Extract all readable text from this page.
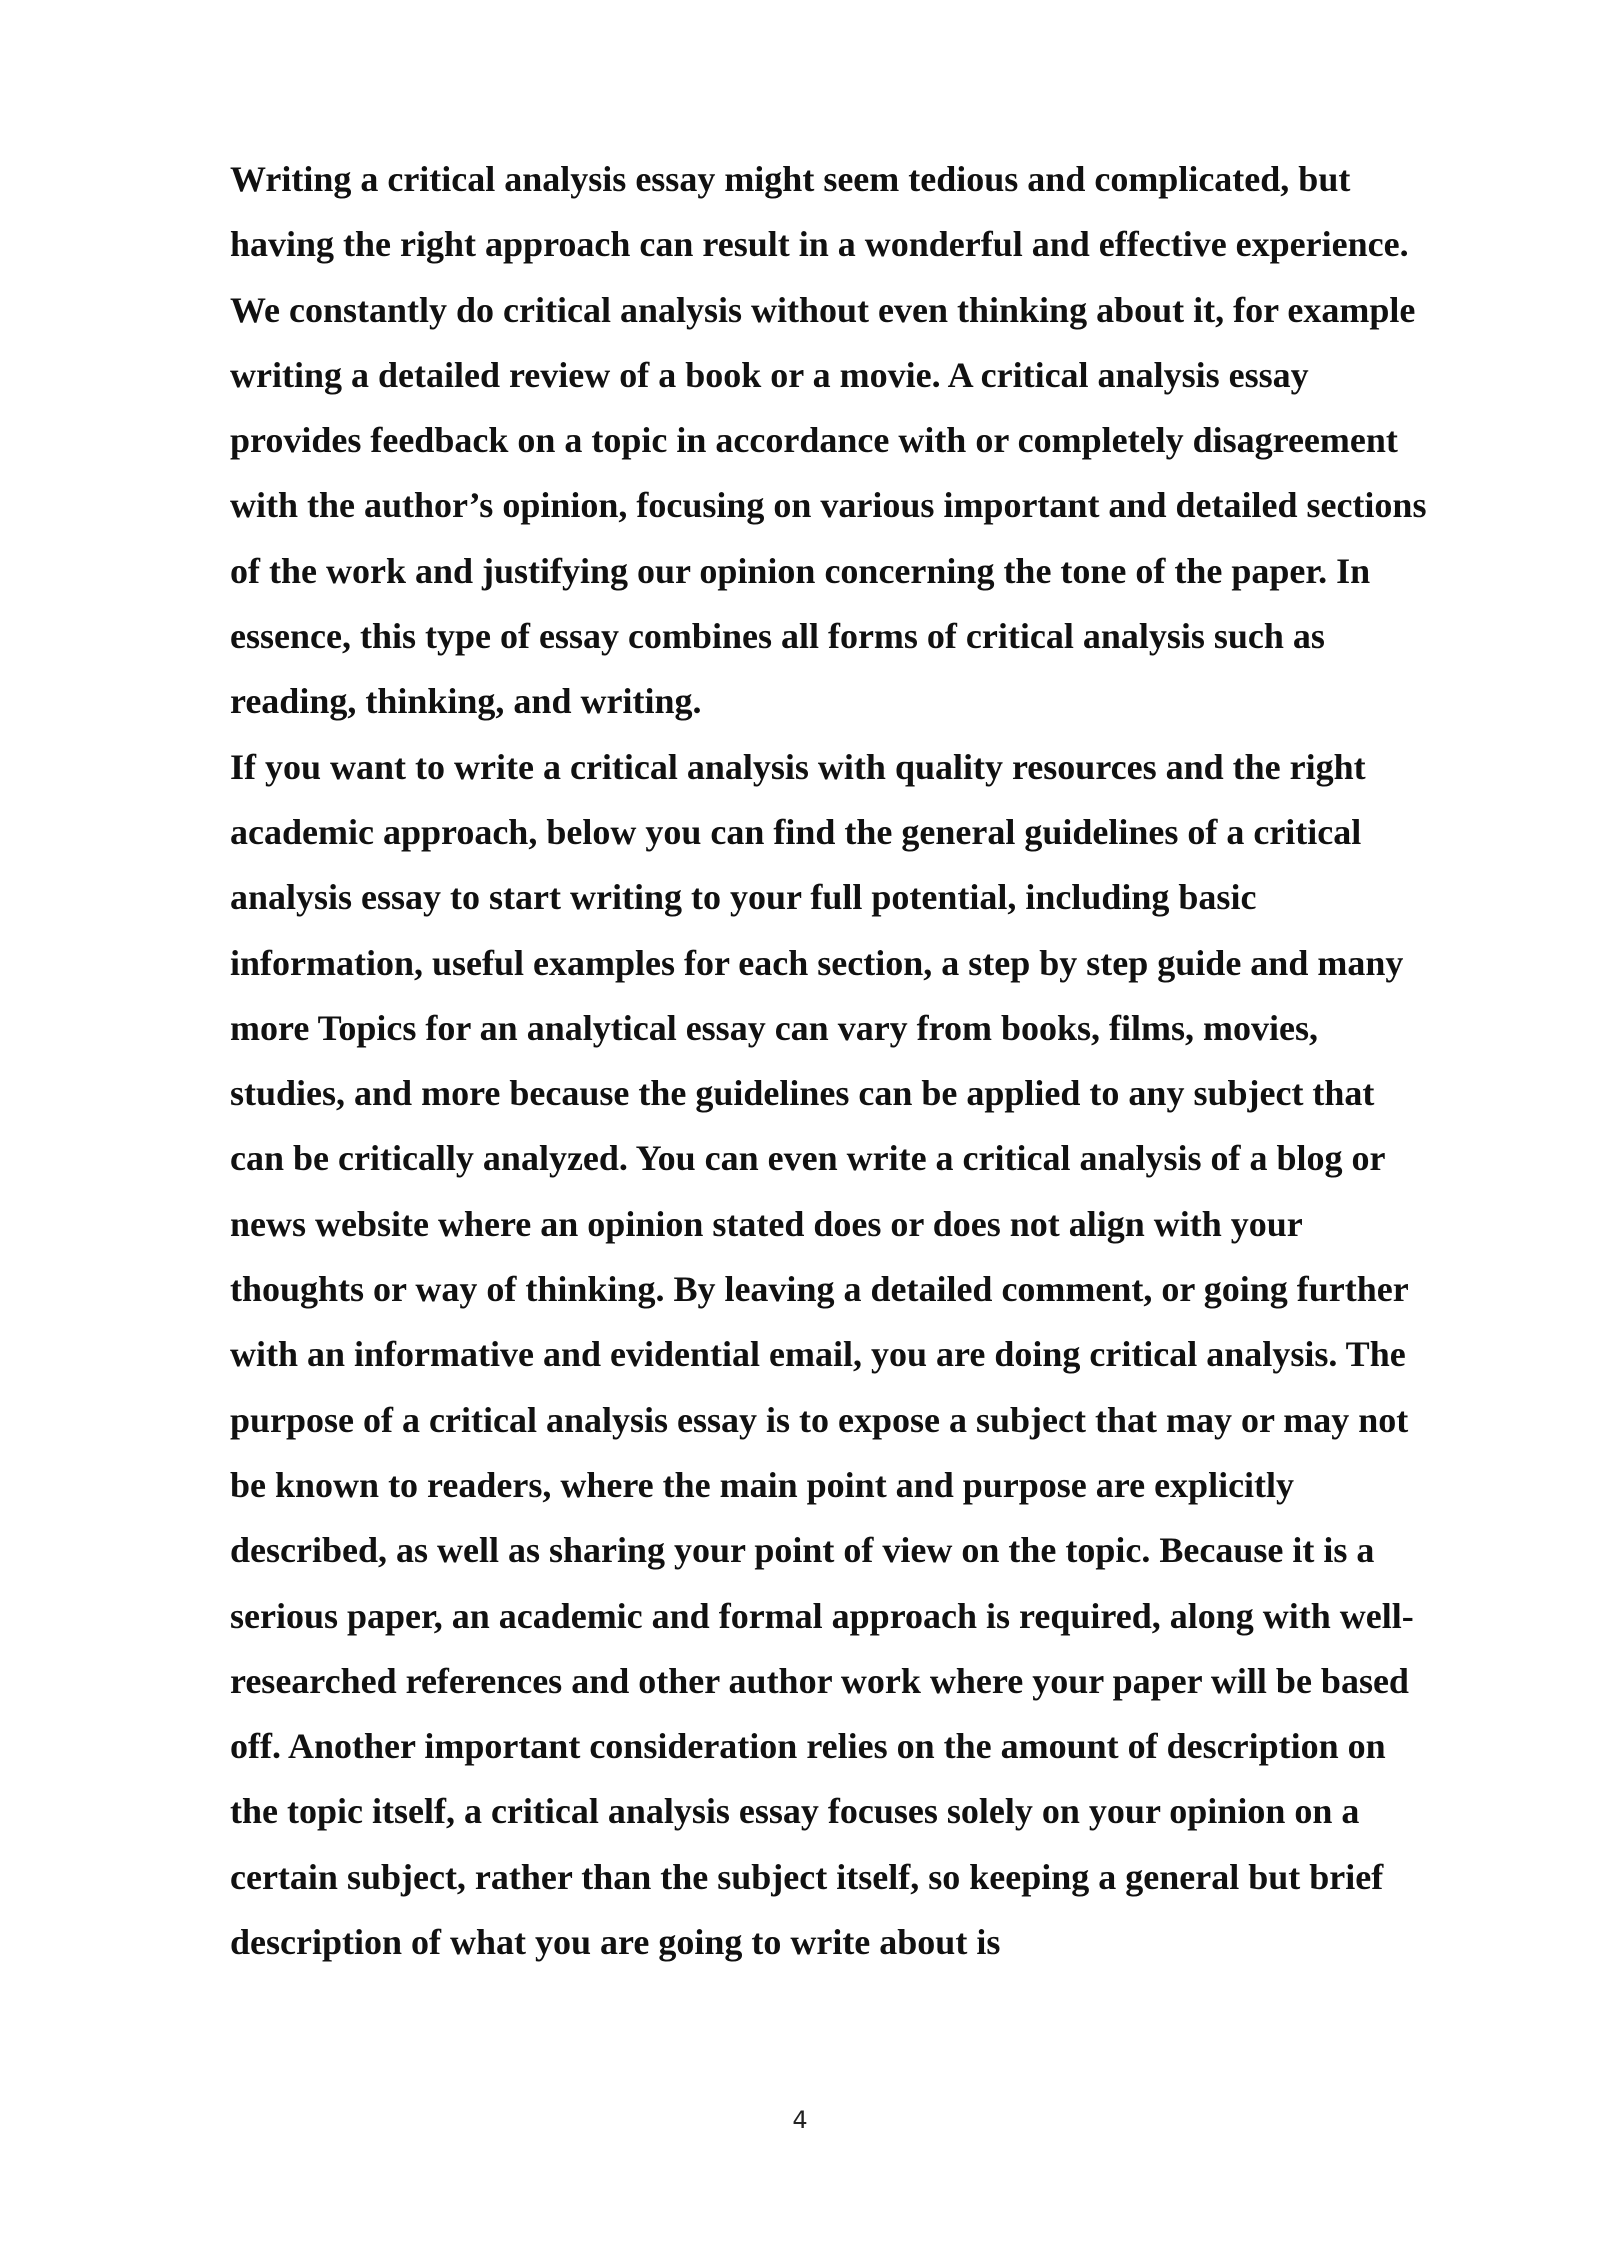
Writing a critical analysis essay might seem tedious and complicated, but
having the right approach can result in a wonderful and effective experience.
We constantly do critical analysis without even thinking about it, for example
writing a detailed review of a book or a movie. A critical analysis essay
provides feedback on a topic in accordance with or completely disagreement
with the author’s opinion, focusing on various important and detailed sections
of the work and justifying our opinion concerning the tone of the paper. In
essence, this type of essay combines all forms of critical analysis such as
reading, thinking, and writing.
If you want to write a critical analysis with quality resources and the right
academic approach, below you can find the general guidelines of a critical
analysis essay to start writing to your full potential, including basic
information, useful examples for each section, a step by step guide and many
more Topics for an analytical essay can vary from books, films, movies,
studies, and more because the guidelines can be applied to any subject that
can be critically analyzed. You can even write a critical analysis of a blog or
news website where an opinion stated does or does not align with your
thoughts or way of thinking. By leaving a detailed comment, or going further
with an informative and evidential email, you are doing critical analysis. The
purpose of a critical analysis essay is to expose a subject that may or may not
be known to readers, where the main point and purpose are explicitly
described, as well as sharing your point of view on the topic. Because it is a
serious paper, an academic and formal approach is required, along with well-
researched references and other author work where your paper will be based
off. Another important consideration relies on the amount of description on
the topic itself, a critical analysis essay focuses solely on your opinion on a
certain subject, rather than the subject itself, so keeping a general but brief
description of what you are going to write about is
4
